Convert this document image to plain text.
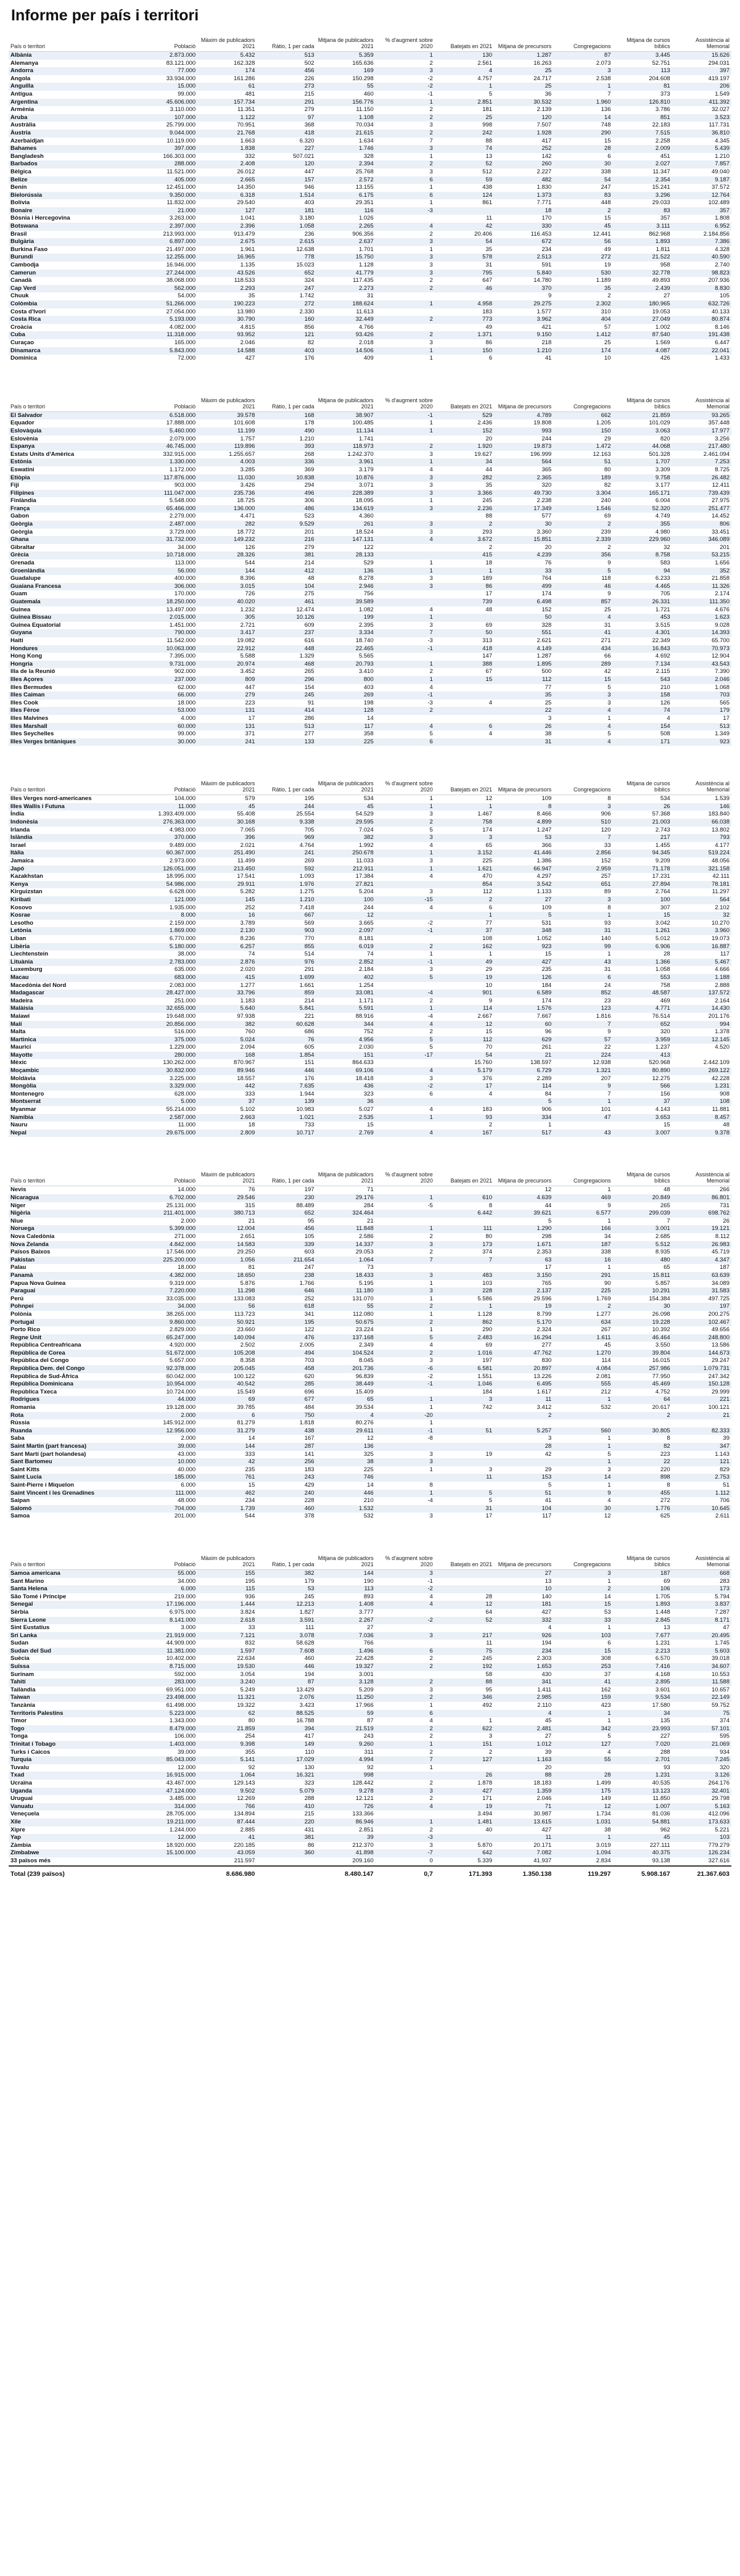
Informe per país i territori
País o territori	Població	Màxim de publicadors 2021	Ràtio, 1 per cada	Mitjana de publicadors 2021	% d'augment sobre 2020	Batejats en 2021	Mitjana de precursors	Congregacions	Mitjana de cursos bíblics	Assistència al Memorial
Albània	2.873.000	5.432	513	5.359	1	130	1.287	87	3.445	15.626
Alemanya	83.121.000	162.328	502	165.636	2	2.561	16.263	2.073	52.751	294.031
Andorra	77.000	174	456	169	3	4	25	3	113	397
Angola	33.934.000	161.286	226	150.298	-2	4.757	24.717	2.538	204.608	419.197
Anguilla	15.000	61	273	55	-2	1	25	1	81	206
Antigua	99.000	481	215	460	-1	5	36	7	373	1.549
Argentina	45.606.000	157.734	291	156.776	1	2.851	30.532	1.960	126.810	411.392
Armènia	3.110.000	11.351	279	11.150	2	181	2.139	136	3.786	32.027
Aruba	107.000	1.122	97	1.108	2	25	120	14	851	3.523
Austràlia	25.799.000	70.951	368	70.034	3	998	7.507	748	22.183	117.731
Àustria	9.044.000	21.768	418	21.615	2	242	1.928	290	7.515	36.810
Azerbaidjan	10.119.000	1.663	6.320	1.634	7	88	417	15	2.258	4.345
Bahames	397.000	1.838	227	1.746	3	74	252	28	2.009	5.439
Bangladesh	166.303.000	332	507.021	328	1	13	142	6	451	1.210
Barbados	288.000	2.408	120	2.394	2	52	260	30	2.027	7.857
Bèlgica	11.521.000	26.012	447	25.768	3	512	2.227	338	11.347	49.040
Belize	405.000	2.665	157	2.572	6	59	482	54	2.354	9.187
Benín	12.451.000	14.350	946	13.155	1	438	1.830	247	15.241	37.572
Bielorússia	9.350.000	6.318	1.514	6.175	6	124	1.373	83	3.296	12.764
Bolívia	11.832.000	29.540	403	29.351	1	861	7.771	448	29.033	102.489
Bonaire	21.000	127	181	116	-3		18	2	83	357
Bòsnia i Hercegovina	3.263.000	1.041	3.180	1.026		11	170	15	357	1.808
Botswana	2.397.000	2.396	1.058	2.265	4	42	330	45	3.111	6.952
Brasil	213.993.000	913.479	236	906.356	2	20.406	116.453	12.441	862.968	2.184.856
Bulgària	6.897.000	2.675	2.615	2.637	3	54	672	56	1.893	7.386
Burkina Faso	21.497.000	1.961	12.638	1.701	1	35	234	49	1.811	4.328
Burundi	12.255.000	16.965	778	15.750	3	578	2.513	272	21.522	40.590
Cambodja	16.946.000	1.135	15.023	1.128	3	31	591	19	958	2.740
Camerun	27.244.000	43.526	652	41.779	3	795	5.840	530	32.778	98.823
Canadà	38.068.000	118.533	324	117.435	2	647	14.780	1.189	49.893	207.936
Cap Verd	562.000	2.293	247	2.273	2	46	370	35	2.439	8.830
Chuuk	54.000	35	1.742	31			9	2	27	105
Colòmbia	51.266.000	190.223	272	188.624	1	4.958	29.275	2.302	180.965	632.726
Costa d'Ivori	27.054.000	13.980	2.330	11.613		183	1.577	310	19.053	40.133
Costa Rica	5.193.000	30.790	160	32.449	2	773	3.962	404	27.049	80.874
Croàcia	4.082.000	4.815	856	4.766		49	421	57	1.002	8.146
Cuba	11.318.000	93.952	121	93.426	2	1.371	9.150	1.412	87.540	191.438
Curaçao	165.000	2.046	82	2.018	3	86	218	25	1.569	6.447
Dinamarca	5.843.000	14.588	403	14.506	1	150	1.210	174	4.087	22.041
Dominica	72.000	427	176	409	1	6	41	10	426	1.433

País o territori	Població	Màxim de publicadors 2021	Ràtio, 1 per cada	Mitjana de publicadors 2021	% d'augment sobre 2020	Batejats en 2021	Mitjana de precursors	Congregacions	Mitjana de cursos bíblics	Assistència al Memorial
El Salvador	6.518.000	39.578	168	38.907	-1	529	4.789	662	21.859	93.265
Equador	17.888.000	101.608	178	100.485	1	2.436	19.808	1.205	101.029	357.448
Eslovàquia	5.460.000	11.199	490	11.134	1	152	993	150	3.063	17.977
Eslovènia	2.079.000	1.757	1.210	1.741		20	244	29	820	3.256
Espanya	46.745.000	119.896	393	118.973	2	1.920	19.873	1.472	44.068	217.480
Estats Units d'Amèrica	332.915.000	1.255.657	268	1.242.370	3	19.627	196.999	12.163	501.328	2.461.094
Estònia	1.330.000	4.003	336	3.961	1	34	564	51	1.707	7.253
Eswatini	1.172.000	3.285	369	3.179	4	44	365	80	3.309	8.725
Etiòpia	117.876.000	11.030	10.838	10.876	3	282	2.365	189	9.758	26.482
Fiji	903.000	3.426	294	3.071	3	35	320	82	3.177	12.411
Filipines	111.047.000	235.736	496	228.389	3	3.366	49.730	3.304	165.171	739.439
Finlàndia	5.548.000	18.725	306	18.095	1	245	2.238	240	6.004	27.975
França	65.466.000	136.000	486	134.619	3	2.236	17.349	1.546	52.320	251.477
Gabon	2.279.000	4.471	523	4.360		88	577	69	4.749	14.452
Geòrgia	2.487.000	282	9.529	261	3	2	30	2	355	806
Geòrgia	3.729.000	18.772	201	18.524	3	293	3.360	239	4.980	33.451
Ghana	31.732.000	149.232	216	147.131	4	3.672	15.851	2.339	229.960	346.089
Gibraltar	34.000	126	279	122		2	20	2	32	201
Grècia	10.718.000	28.326	381	28.133		415	4.239	356	8.758	53.215
Grenada	113.000	544	214	529	1	18	76	9	583	1.656
Groenlàndia	56.000	144	412	136	1	1	33	5	94	352
Guadalupe	400.000	8.396	48	8.278	3	189	764	118	6.233	21.858
Guaiana Francesa	306.000	3.015	104	2.946	3	86	499	46	4.465	11.326
Guam	170.000	726	275	756		17	174	9	705	2.174
Guatemala	18.250.000	40.020	461	39.589		739	6.498	857	26.331	111.350
Guinea	13.497.000	1.232	12.474	1.082	4	48	152	25	1.721	4.676
Guinea Bissau	2.015.000	305	10.126	199	1		50	4	453	1.623
Guinea Equatorial	1.451.000	2.721	609	2.395	3	69	328	31	3.515	9.028
Guyana	790.000	3.417	237	3.334	7	50	551	41	4.301	14.393
Haití	11.542.000	19.082	616	18.740	-3	313	2.621	271	22.349	65.700
Hondures	10.063.000	22.912	448	22.465	-1	418	4.149	434	16.843	70.973
Hong Kong	7.395.000	5.588	1.329	5.565		147	1.287	66	4.692	12.904
Hongria	9.731.000	20.974	468	20.793	1	388	1.895	289	7.134	43.543
Illa de la Reunió	902.000	3.452	265	3.410	2	67	500	42	2.115	7.390
Illes Açores	237.000	809	296	800	1	15	112	15	543	2.046
Illes Bermudes	62.000	447	154	403	4		77	5	210	1.068
Illes Caiman	66.000	279	245	269	-1		35	3	158	703
Illes Cook	18.000	223	91	198	-3	4	25	3	126	565
Illes Fèroe	53.000	131	414	128	2		22	4	74	179
Illes Malvines	4.000	17	286	14			3	1	4	17
Illes Marshall	60.000	131	513	117	4	6	26	4	154	513
Illes Seychelles	99.000	371	277	358	5	4	38	5	508	1.349
Illes Verges britàniques	30.000	241	133	225	6		31	4	171	923

País o territori	Població	Màxim de publicadors 2021	Ràtio, 1 per cada	Mitjana de publicadors 2021	% d'augment sobre 2020	Batejats en 2021	Mitjana de precursors	Congregacions	Mitjana de cursos bíblics	Assistència al Memorial
Illes Verges nord-americanes	104.000	579	195	534	1	12	109	8	534	1.539
Illes Wallis i Futuna	11.000	45	244	45	1	1	8	3	26	146
Índia	1.393.409.000	55.408	25.554	54.529	3	1.467	8.466	906	57.368	183.840
Indonèsia	276.363.000	30.168	9.338	29.595	2	758	4.899	510	21.003	66.038
Irlanda	4.983.000	7.065	705	7.024	5	174	1.247	120	2.743	13.802
Islàndia	370.000	396	969	382	3	3	53	7	217	793
Israel	9.489.000	2.021	4.764	1.992	4	65	366	33	1.455	4.177
Itàlia	60.367.000	251.490	241	250.678	1	3.152	41.446	2.856	94.345	519.224
Jamaica	2.973.000	11.499	269	11.033	3	225	1.386	152	9.209	48.056
Japó	126.051.000	213.450	592	212.911	1	1.621	66.947	2.959	71.178	321.158
Kazakhstan	18.995.000	17.541	1.093	17.384	4	470	4.297	257	17.231	42.111
Kenya	54.986.000	29.911	1.976	27.821		854	3.542	651	27.894	78.181
Kirguizstan	6.628.000	5.282	1.275	5.204	3	112	1.133	89	2.764	11.297
Kiribati	121.000	145	1.210	100	-15	2	27	3	100	564
Kosovo	1.935.000	252	7.418	244	4	6	109	8	307	2.102
Kosrae	8.000	16	667	12		1	5	1	15	32
Lesotho	2.159.000	3.789	569	3.665	-2	77	531	93	3.042	10.270
Letònia	1.869.000	2.130	903	2.097	-1	37	348	31	1.261	3.960
Líban	6.770.000	8.236	770	8.181		108	1.052	140	5.012	19.073
Libèria	5.180.000	6.257	855	6.019	2	162	923	99	6.906	16.887
Liechtenstein	38.000	74	514	74	1	1	15	1	28	117
Lituània	2.783.000	2.876	976	2.852	-1	49	427	43	1.366	5.467
Luxemburg	635.000	2.020	291	2.184	3	29	235	31	1.058	4.666
Macau	683.000	415	1.699	402	5	19	126	6	553	1.188
Macedònia del Nord	2.083.000	1.277	1.661	1.254		10	184	24	758	2.888
Madagascar	28.427.000	33.796	859	33.081	-4	901	6.589	852	48.587	137.572
Madeira	251.000	1.183	214	1.171	2	9	174	23	469	2.164
Malàisia	32.655.000	5.640	5.841	5.591	1	114	1.576	123	4.771	14.430
Malawi	19.648.000	97.938	221	88.916	-4	2.667	7.667	1.816	76.514	201.176
Malí	20.856.000	382	60.628	344	4	12	60	7	652	994
Malta	516.000	760	686	752	2	15	96	9	320	1.378
Martinica	375.000	5.024	76	4.956	5	112	629	57	3.959	12.145
Maurici	1.229.000	2.094	605	2.030	5	70	261	22	1.237	4.520
Mayotte	280.000	168	1.854	151	-17	54	21	224	413	
Mèxic	130.262.000	870.967	151	864.633		15.760	138.597	12.938	520.968	2.442.109
Moçambic	30.832.000	89.946	446	69.106	4	5.179	6.729	1.321	80.890	269.122
Moldàvia	3.225.000	18.557	176	18.418	3	376	2.289	207	12.275	42.228
Mongòlia	3.329.000	442	7.635	436	-2	17	114	9	566	1.231
Montenegro	628.000	333	1.944	323	6	4	84	7	156	908
Montserrat	5.000	37	139	36			5	1	37	108
Myanmar	55.214.000	5.102	10.983	5.027	4	183	906	101	4.143	11.881
Namíbia	2.587.000	2.663	1.021	2.535	1	93	334	47	3.653	8.457
Nauru	11.000	18	733	15		2	1		15	48
Nepal	29.675.000	2.809	10.717	2.769	4	167	517	43	3.007	9.378

País o territori	Població	Màxim de publicadors 2021	Ràtio, 1 per cada	Mitjana de publicadors 2021	% d'augment sobre 2020	Batejats en 2021	Mitjana de precursors	Congregacions	Mitjana de cursos bíblics	Assistència al Memorial
Nevis	14.000	76	197	71			12	1	48	266
Nicaragua	6.702.000	29.546	230	29.176	1	610	4.639	469	20.849	86.801
Níger	25.131.000	315	88.489	284	-5	8	44	9	265	731
Nigèria	211.401.000	380.713	652	324.464		6.442	39.621	6.577	299.039	698.762
Niue	2.000	21	95	21			5	1	7	26
Noruega	5.399.000	12.004	456	11.848	1	111	1.290	166	3.001	19.121
Nova Caledònia	271.000	2.651	105	2.586	2	80	298	34	2.685	8.112
Nova Zelanda	4.842.000	14.583	339	14.337	3	173	1.671	187	5.512	26.983
Països Baixos	17.546.000	29.250	603	29.053	2	374	2.353	338	8.935	45.719
Pakistan	225.200.000	1.056	211.654	1.064	7	7	63	16	480	4.347
Palau	18.000	81	247	73			17	1	65	187
Panamà	4.382.000	18.650	238	18.433	3	483	3.150	291	15.811	63.639
Papua Nova Guinea	9.319.000	5.876	1.766	5.195	1	103	765	90	5.857	34.089
Paraguai	7.220.000	11.298	646	11.180	3	228	2.137	225	10.291	31.583
Perú	33.035.000	133.083	252	131.070	1	5.586	29.596	1.769	154.384	497.725
Pohnpei	34.000	56	618	55	2	1	19	2	30	197
Polònia	38.265.000	113.723	341	112.080	1	1.128	8.799	1.277	26.098	200.275
Portugal	9.860.000	50.921	195	50.675	2	862	5.170	634	19.228	102.467
Porto Rico	2.829.000	23.660	122	23.224	1	290	2.324	267	10.392	49.656
Regne Unit	65.247.000	140.094	476	137.168	5	2.483	16.294	1.611	46.464	248.800
República Centreafricana	4.920.000	2.502	2.005	2.349	4	69	277	45	3.550	13.586
República de Corea	51.672.000	105.208	494	104.524	2	1.016	47.762	1.270	39.804	144.673
República del Congo	5.657.000	8.358	703	8.045	3	197	830	114	16.015	29.247
República Dem. del Congo	92.378.000	205.045	458	201.736	-6	6.581	20.897	4.084	257.986	1.079.731
República de Sud-Àfrica	60.042.000	100.122	620	96.839	-2	1.551	13.226	2.081	77.950	247.342
República Dominicana	10.954.000	40.542	285	38.449	-1	1.046	6.495	555	45.469	150.128
República Txeca	10.724.000	15.549	696	15.409		184	1.617	212	4.752	29.999
Rodrigues	44.000	69	677	65	1	3	11	1	64	221
Romania	19.128.000	39.785	484	39.534	1	742	3.412	532	20.617	100.121
Rota	2.000	6	750	4	-20		2		2	21
Rússia	145.912.000	81.279	1.818	80.276	1					
Ruanda	12.956.000	31.279	438	29.611	-1	51	5.257	560	30.805	82.333
Saba	2.000	14	167	12	-8		3	1	8	39
Saint Martin (part francesa)	39.000	144	287	136			28	1	82	347
Sant Martí (part holandesa)	43.000	333	141	325	3	19	42	5	223	1.143
Sant Bartomeu	10.000	42	256	38	3			1	22	121
Saint Kitts	40.000	235	183	225	1	3	29	3	220	829
Saint Lucia	185.000	761	243	746		11	153	14	898	2.753
Saint-Pierre i Miquelon	6.000	15	429	14	8		5	1	8	51
Saint Vincent i les Grenadines	111.000	462	240	446	1	5	51	9	455	1.112
Saipan	48.000	234	228	210	-4	5	41	4	272	706
Salomó	704.000	1.739	460	1.532		31	104	30	1.776	10.645
Samoa	201.000	544	378	532	3	17	117	12	625	2.611

País o territori	Població	Màxim de publicadors 2021	Ràtio, 1 per cada	Mitjana de publicadors 2021	% d'augment sobre 2020	Batejats en 2021	Mitjana de precursors	Congregacions	Mitjana de cursos bíblics	Assistència al Memorial
Samoa americana	55.000	155	382	144	3		27	3	187	668
Sant Marino	34.000	195	179	190	-1		13	1	69	283
Santa Helena	6.000	115	53	113	-2		10	2	106	173
São Tomé i Príncipe	219.000	936	245	893	4	28	140	14	1.705	5.794
Senegal	17.196.000	1.444	12.213	1.408	4	12	181	15	1.893	3.837
Sèrbia	6.975.000	3.824	1.827	3.777		64	427	53	1.448	7.287
Sierra Leone	8.141.000	2.618	3.591	2.267	-2	52	332	33	2.845	8.171
Sint Eustatius	3.000	33	111	27			4	1	13	47
Sri Lanka	21.919.000	7.121	3.078	7.036	3	217	926	103	7.677	20.495
Sudan	44.909.000	832	58.628	766		11	194	6	1.231	1.745
Sudan del Sud	11.381.000	1.597	7.608	1.496	6	75	234	15	2.213	5.603
Suècia	10.402.000	22.634	460	22.428	2	245	2.303	308	6.570	39.018
Suïssa	8.715.000	19.530	446	19.327	2	192	1.653	253	7.416	34.607
Surinam	592.000	3.054	194	3.001		58	430	37	4.168	10.553
Tahití	283.000	3.240	87	3.128	2	88	341	41	2.895	11.588
Tailàndia	69.951.000	5.249	13.429	5.209	3	95	1.411	162	3.601	10.657
Taiwan	23.498.000	11.321	2.076	11.250	2	346	2.985	159	9.534	22.149
Tanzània	61.498.000	19.322	3.423	17.966	1	492	2.110	423	17.580	59.752
Territoris Palestins	5.223.000	62	88.525	59	6		4	1	34	75
Timor	1.343.000	80	16.788	87	4	1	45	1	135	374
Togo	8.479.000	21.859	394	21.519	2	622	2.481	342	23.993	57.101
Tonga	106.000	254	417	243	2	3	27	5	227	595
Trinitat i Tobago	1.403.000	9.398	149	9.260	1	151	1.012	127	7.020	21.069
Turks i Caicos	39.000	355	110	311	2	2	39	4	288	934
Turquia	85.043.000	5.141	17.029	4.994	7	127	1.163	55	2.701	7.245
Tuvalu	12.000	92	130	92	1		20		93	320
Txad	16.915.000	1.064	16.321	998		26	88	28	1.231	3.126
Ucraïna	43.467.000	129.143	323	128.442	2	1.878	18.183	1.499	40.535	264.176
Uganda	47.124.000	9.502	5.079	9.278	3	427	1.359	175	13.123	32.401
Uruguai	3.485.000	12.269	288	12.121	2	171	2.046	149	11.850	29.798
Vanuatu	314.000	766	410	726	4	19	71	12	1.007	5.163
Veneçuela	28.705.000	134.894	215	133.366		3.494	30.987	1.734	81.036	412.096
Xile	19.211.000	87.444	220	86.946	1	1.481	13.615	1.031	54.881	173.633
Xipre	1.244.000	2.885	431	2.851	2	40	427	38	962	5.221
Yap	12.000	41	381	39	-3		11	1	45	103
Zàmbia	18.920.000	220.185	86	212.370	3	5.870	20.171	3.019	227.111	779.279
Zimbabwe	15.100.000	43.059	360	41.898	-7	642	7.082	1.094	40.375	126.234
33 països més		211.597		209.160	0	5.339	41.937	2.834	93.138	327.616
Total (239 països)		8.686.980		8.480.147	0,7	171.393	1.350.138	119.297	5.908.167	21.367.603
